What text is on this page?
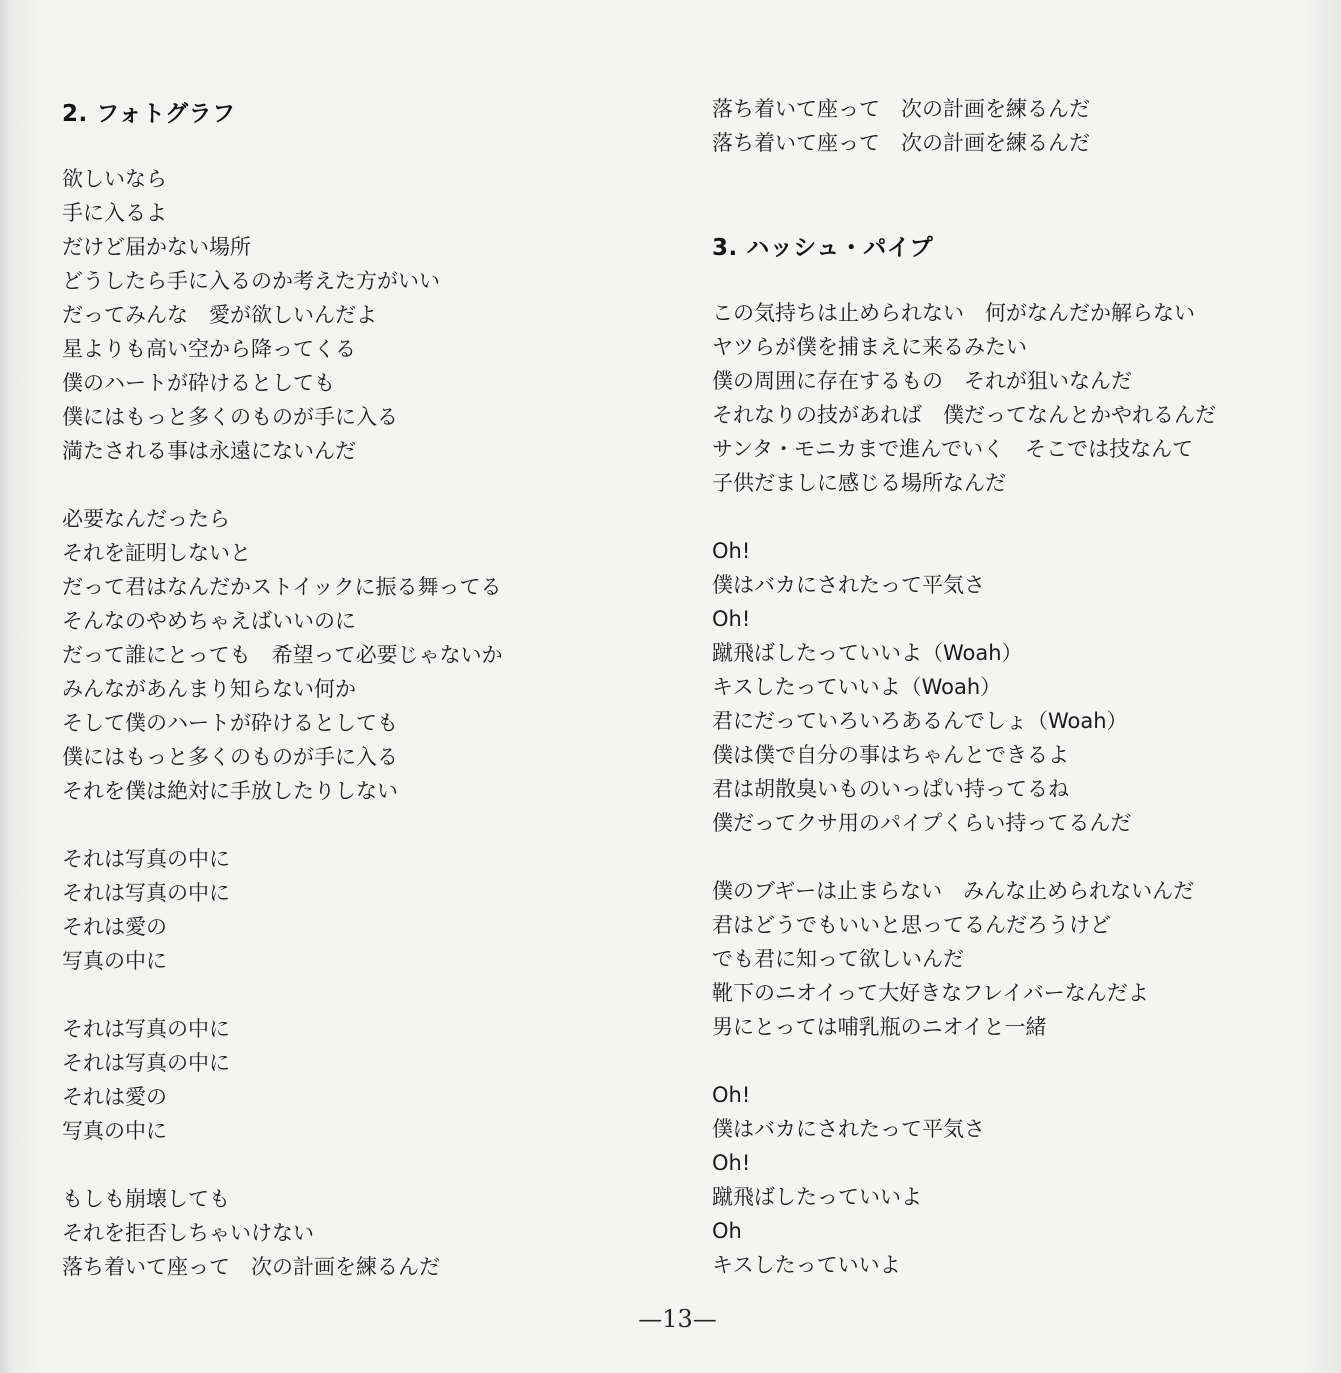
2. フォトグラフ
欲しいなら
手に入るよ
だけど届かない場所
どうしたら手に入るのか考えた方がいい
だってみんな　愛が欲しいんだよ
星よりも高い空から降ってくる
僕のハートが砕けるとしても
僕にはもっと多くのものが手に入る
満たされる事は永遠にないんだ
必要なんだったら
それを証明しないと
だって君はなんだかストイックに振る舞ってる
そんなのやめちゃえばいいのに
だって誰にとっても　希望って必要じゃないか
みんながあんまり知らない何か
そして僕のハートが砕けるとしても
僕にはもっと多くのものが手に入る
それを僕は絶対に手放したりしない
それは写真の中に
それは写真の中に
それは愛の
写真の中に
それは写真の中に
それは写真の中に
それは愛の
写真の中に
もしも崩壊しても
それを拒否しちゃいけない
落ち着いて座って　次の計画を練るんだ
落ち着いて座って　次の計画を練るんだ
落ち着いて座って　次の計画を練るんだ
3. ハッシュ・パイプ
この気持ちは止められない　何がなんだか解らない
ヤツらが僕を捕まえに来るみたい
僕の周囲に存在するもの　それが狙いなんだ
それなりの技があれば　僕だってなんとかやれるんだ
サンタ・モニカまで進んでいく　そこでは技なんて
子供だましに感じる場所なんだ
Oh!
僕はバカにされたって平気さ
Oh!
蹴飛ばしたっていいよ（Woah）
キスしたっていいよ（Woah）
君にだっていろいろあるんでしょ（Woah）
僕は僕で自分の事はちゃんとできるよ
君は胡散臭いものいっぱい持ってるね
僕だってクサ用のパイプくらい持ってるんだ
僕のブギーは止まらない　みんな止められないんだ
君はどうでもいいと思ってるんだろうけど
でも君に知って欲しいんだ
靴下のニオイって大好きなフレイバーなんだよ
男にとっては哺乳瓶のニオイと一緒
Oh!
僕はバカにされたって平気さ
Oh!
蹴飛ばしたっていいよ
Oh
キスしたっていいよ
—13—
